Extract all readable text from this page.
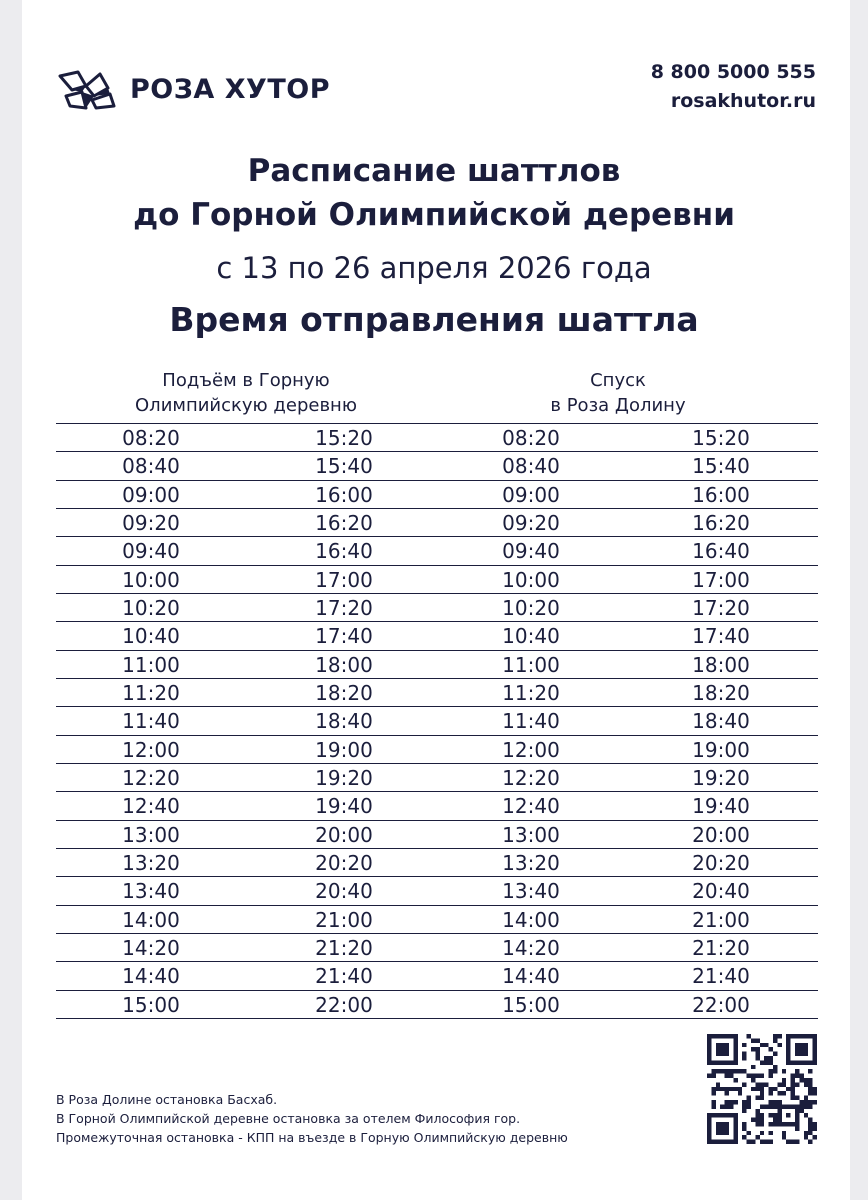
РОЗА ХУТОР
8 800 5000 555
rosakhutor.ru
Расписание шаттлов
до Горной Олимпийской деревни
с 13 по 26 апреля 2026 года
Время отправления шаттла
Подъём в Горную
Олимпийскую деревню
Спуск
в Роза Долину
08:20	15:20	08:20	15:20
08:40	15:40	08:40	15:40
09:00	16:00	09:00	16:00
09:20	16:20	09:20	16:20
09:40	16:40	09:40	16:40
10:00	17:00	10:00	17:00
10:20	17:20	10:20	17:20
10:40	17:40	10:40	17:40
11:00	18:00	11:00	18:00
11:20	18:20	11:20	18:20
11:40	18:40	11:40	18:40
12:00	19:00	12:00	19:00
12:20	19:20	12:20	19:20
12:40	19:40	12:40	19:40
13:00	20:00	13:00	20:00
13:20	20:20	13:20	20:20
13:40	20:40	13:40	20:40
14:00	21:00	14:00	21:00
14:20	21:20	14:20	21:20
14:40	21:40	14:40	21:40
15:00	22:00	15:00	22:00
В Роза Долине остановка Басхаб.
В Горной Олимпийской деревне остановка за отелем Философия гор.
Промежуточная остановка - КПП на въезде в Горную Олимпийскую деревню
